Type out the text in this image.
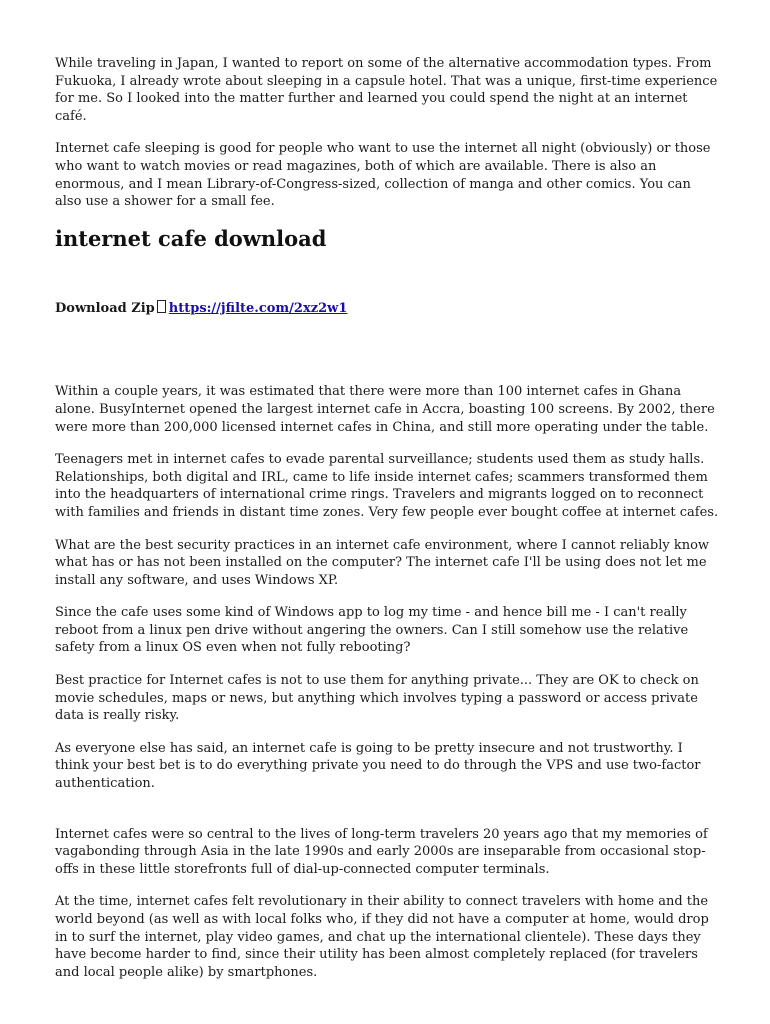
While traveling in Japan, I wanted to report on some of the alternative accommodation types. From Fukuoka, I already wrote about sleeping in a capsule hotel. That was a unique, first-time experience for me. So I looked into the matter further and learned you could spend the night at an internet café.

Internet cafe sleeping is good for people who want to use the internet all night (obviously) or those who want to watch movies or read magazines, both of which are available. There is also an enormous, and I mean Library-of-Congress-sized, collection of manga and other comics. You can also use a shower for a small fee.

internet cafe download
Download Zip https://jfilte.com/2xz2w1

Within a couple years, it was estimated that there were more than 100 internet cafes in Ghana alone. BusyInternet opened the largest internet cafe in Accra, boasting 100 screens. By 2002, there were more than 200,000 licensed internet cafes in China, and still more operating under the table.

Teenagers met in internet cafes to evade parental surveillance; students used them as study halls. Relationships, both digital and IRL, came to life inside internet cafes; scammers transformed them into the headquarters of international crime rings. Travelers and migrants logged on to reconnect with families and friends in distant time zones. Very few people ever bought coffee at internet cafes.

What are the best security practices in an internet cafe environment, where I cannot reliably know what has or has not been installed on the computer? The internet cafe I'll be using does not let me install any software, and uses Windows XP.

Since the cafe uses some kind of Windows app to log my time - and hence bill me - I can't really reboot from a linux pen drive without angering the owners. Can I still somehow use the relative safety from a linux OS even when not fully rebooting?

Best practice for Internet cafes is not to use them for anything private... They are OK to check on movie schedules, maps or news, but anything which involves typing a password or access private data is really risky.

As everyone else has said, an internet cafe is going to be pretty insecure and not trustworthy. I think your best bet is to do everything private you need to do through the VPS and use two-factor authentication.

Internet cafes were so central to the lives of long-term travelers 20 years ago that my memories of vagabonding through Asia in the late 1990s and early 2000s are inseparable from occasional stop-offs in these little storefronts full of dial-up-connected computer terminals.

At the time, internet cafes felt revolutionary in their ability to connect travelers with home and the world beyond (as well as with local folks who, if they did not have a computer at home, would drop in to surf the internet, play video games, and chat up the international clientele). These days they have become harder to find, since their utility has been almost completely replaced (for travelers and local people alike) by smartphones.
